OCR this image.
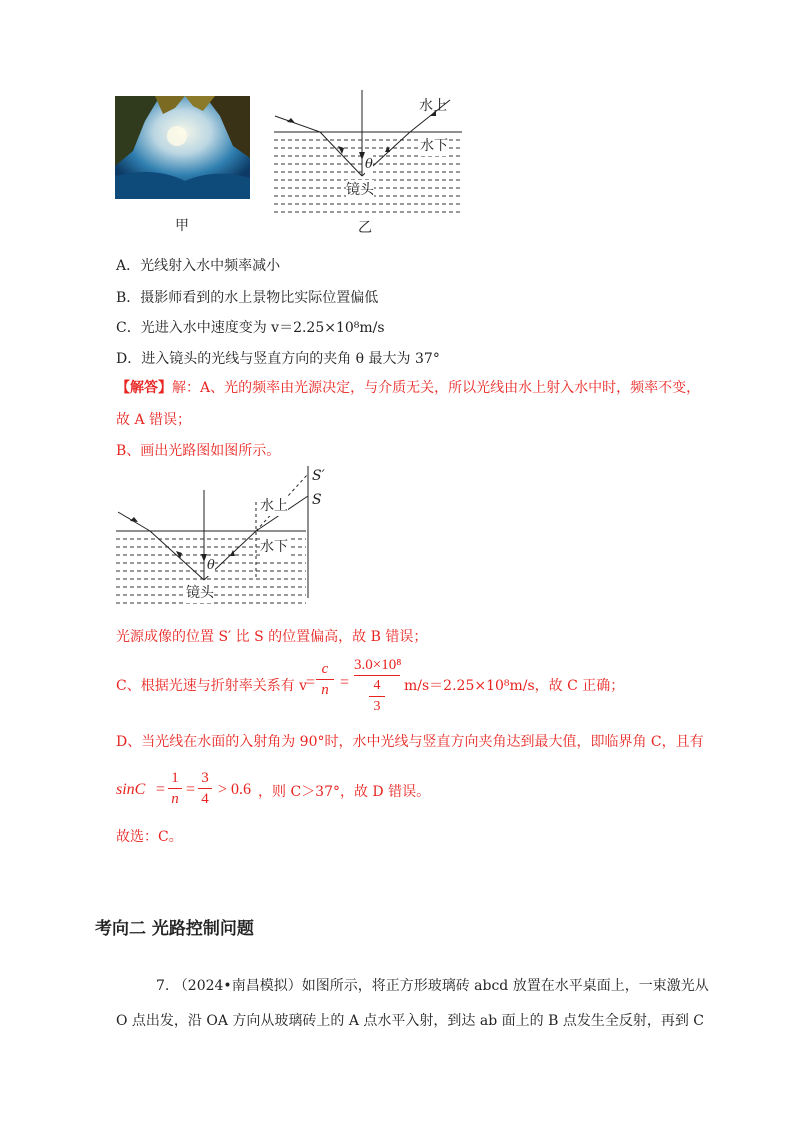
甲
水上
水下
θ
镜头
乙
A．光线射入水中频率减小
B．摄影师看到的水上景物比实际位置偏低
C．光进入水中速度变为 v＝2.25×10⁸m/s
D．进入镜头的光线与竖直方向的夹角 θ 最大为 37°
【解答】解：A、光的频率由光源决定，与介质无关，所以光线由水上射入水中时，频率不变，
故 A 错误；
B、画出光路图如图所示。
S′
S
水上
水下
θ
镜头
光源成像的位置 S′ 比 S 的位置偏高，故 B 错误；
C、根据光速与折射率关系有 v
=
c
n =
3.0×10⁸
4
3
m/s＝2.25×10⁸m/s，故 C 正确；
D、当光线在水面的入射角为 90°时，水中光线与竖直方向夹角达到最大值，即临界角 C，且有
sinC =
1
n
=
3
4
> 0.6 ，则 C＞37°，故 D 错误。
故选：C。
考向二 光路控制问题
7. （2024•南昌模拟）如图所示，将正方形玻璃砖 abcd 放置在水平桌面上，一束激光从
O 点出发，沿 OA 方向从玻璃砖上的 A 点水平入射，到达 ab 面上的 B 点发生全反射，再到 C
